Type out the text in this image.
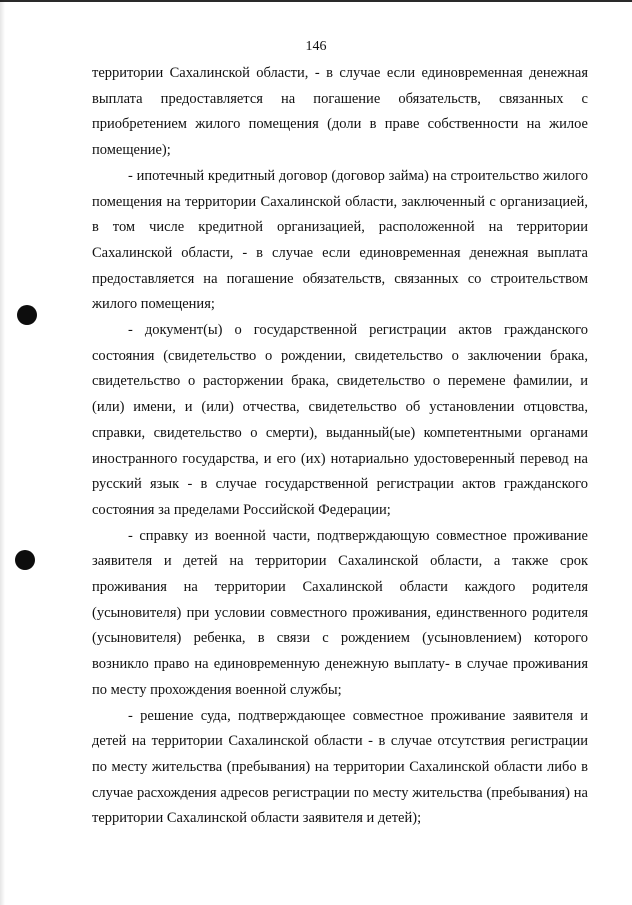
146

территории Сахалинской области, - в случае если единовременная денежная выплата предоставляется на погашение обязательств, связанных с приобретением жилого помещения (доли в праве собственности на жилое помещение);

- ипотечный кредитный договор (договор займа) на строительство жилого помещения на территории Сахалинской области, заключенный с организацией, в том числе кредитной организацией, расположенной на территории Сахалинской области, - в случае если единовременная денежная выплата предоставляется на погашение обязательств, связанных со строительством жилого помещения;

- документ(ы) о государственной регистрации актов гражданского состояния (свидетельство о рождении, свидетельство о заключении брака, свидетельство о расторжении брака, свидетельство о перемене фамилии, и (или) имени, и (или) отчества, свидетельство об установлении отцовства, справки, свидетельство о смерти), выданный(ые) компетентными органами иностранного государства, и его (их) нотариально удостоверенный перевод на русский язык - в случае государственной регистрации актов гражданского состояния за пределами Российской Федерации;

- справку из военной части, подтверждающую совместное проживание заявителя и детей на территории Сахалинской области, а также срок проживания на территории Сахалинской области каждого родителя (усыновителя) при условии совместного проживания, единственного родителя (усыновителя) ребенка, в связи с рождением (усыновлением) которого возникло право на единовременную денежную выплату- в случае проживания по месту прохождения военной службы;

- решение суда, подтверждающее совместное проживание заявителя и детей на территории Сахалинской области - в случае отсутствия регистрации по месту жительства (пребывания) на территории Сахалинской области либо в случае расхождения адресов регистрации по месту жительства (пребывания) на территории Сахалинской области заявителя и детей);
